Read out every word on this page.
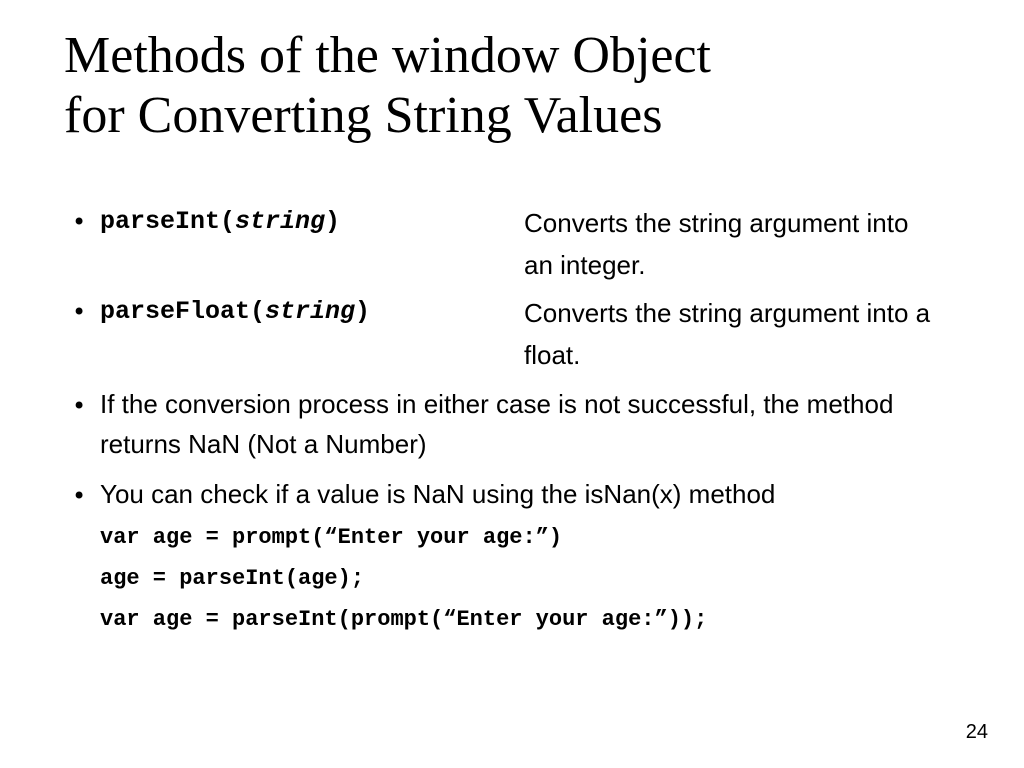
Methods of the window Object
for Converting String Values
• parseInt(string)	Converts the string argument into an integer.
• parseFloat(string)	Converts the string argument into a float.
• If the conversion process in either case is not successful, the method returns NaN (Not a Number)
• You can check if a value is NaN using the isNan(x) method
var age = prompt(“Enter your age:”)
age = parseInt(age);
var age = parseInt(prompt(“Enter your age:”));
24
